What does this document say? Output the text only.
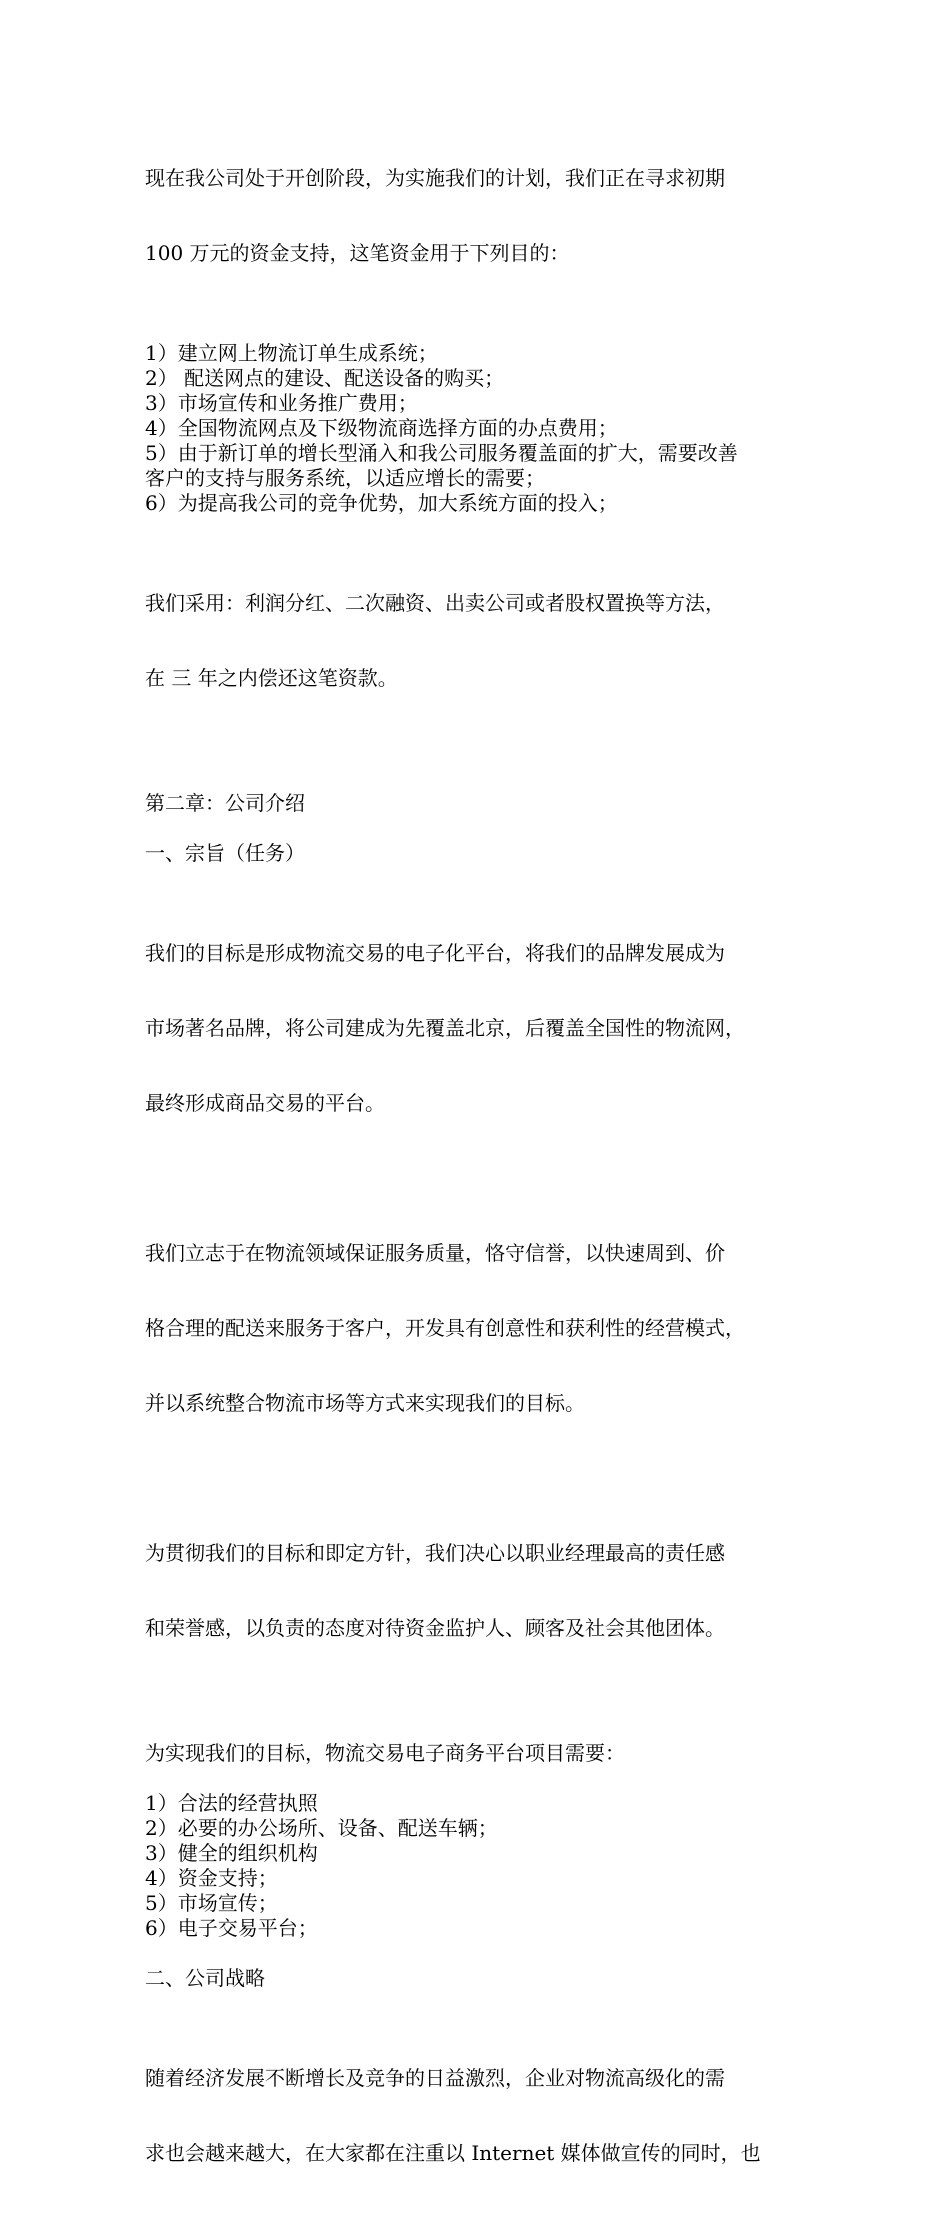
现在我公司处于开创阶段，为实施我们的计划，我们正在寻求初期

100 万元的资金支持，这笔资金用于下列目的：

1）建立网上物流订单生成系统；
2） 配送网点的建设、配送设备的购买；
3）市场宣传和业务推广费用；
4）全国物流网点及下级物流商选择方面的办点费用；
5）由于新订单的增长型涌入和我公司服务覆盖面的扩大，需要改善
客户的支持与服务系统，以适应增长的需要；
6）为提高我公司的竞争优势，加大系统方面的投入；

我们采用：利润分红、二次融资、出卖公司或者股权置换等方法，

在 三 年之内偿还这笔资款。

第二章：公司介绍
一、宗旨（任务）

我们的目标是形成物流交易的电子化平台，将我们的品牌发展成为

市场著名品牌，将公司建成为先覆盖北京，后覆盖全国性的物流网，

最终形成商品交易的平台。

我们立志于在物流领域保证服务质量，恪守信誉，以快速周到、价

格合理的配送来服务于客户，开发具有创意性和获利性的经营模式，

并以系统整合物流市场等方式来实现我们的目标。

为贯彻我们的目标和即定方针，我们决心以职业经理最高的责任感

和荣誉感，以负责的态度对待资金监护人、顾客及社会其他团体。

为实现我们的目标，物流交易电子商务平台项目需要：
1）合法的经营执照
2）必要的办公场所、设备、配送车辆；
3）健全的组织机构
4）资金支持；
5）市场宣传；
6）电子交易平台；
二、公司战略

随着经济发展不断增长及竞争的日益激烈，企业对物流高级化的需

求也会越来越大，在大家都在注重以 Internet 媒体做宣传的同时，也
